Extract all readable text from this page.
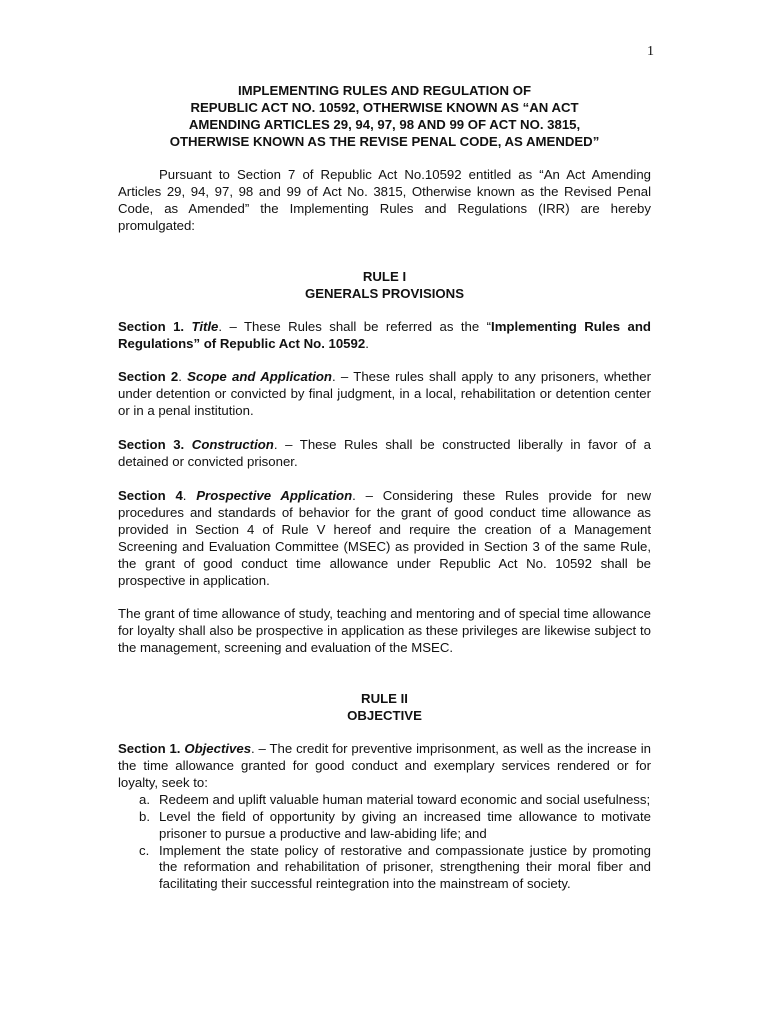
1
IMPLEMENTING RULES AND REGULATION OF
REPUBLIC ACT NO. 10592, OTHERWISE KNOWN AS “AN ACT
AMENDING ARTICLES 29, 94, 97, 98 AND 99 OF ACT NO. 3815,
OTHERWISE KNOWN AS THE REVISE PENAL CODE, AS AMENDED”

Pursuant to Section 7 of Republic Act No.10592 entitled as “An Act Amending Articles 29, 94, 97, 98 and 99 of Act No. 3815, Otherwise known as the Revised Penal Code, as Amended” the Implementing Rules and Regulations (IRR) are hereby promulgated:

RULE I
GENERALS PROVISIONS

Section 1. Title. – These Rules shall be referred as the “Implementing Rules and Regulations” of Republic Act No. 10592.

Section 2. Scope and Application. – These rules shall apply to any prisoners, whether under detention or convicted by final judgment, in a local, rehabilitation or detention center or in a penal institution.

Section 3. Construction. – These Rules shall be constructed liberally in favor of a detained or convicted prisoner.

Section 4. Prospective Application. – Considering these Rules provide for new procedures and standards of behavior for the grant of good conduct time allowance as provided in Section 4 of Rule V hereof and require the creation of a Management Screening and Evaluation Committee (MSEC) as provided in Section 3 of the same Rule, the grant of good conduct time allowance under Republic Act No. 10592 shall be prospective in application.

The grant of time allowance of study, teaching and mentoring and of special time allowance for loyalty shall also be prospective in application as these privileges are likewise subject to the management, screening and evaluation of the MSEC.

RULE II
OBJECTIVE

Section 1. Objectives. – The credit for preventive imprisonment, as well as the increase in the time allowance granted for good conduct and exemplary services rendered or for loyalty, seek to:

a. Redeem and uplift valuable human material toward economic and social usefulness;
b. Level the field of opportunity by giving an increased time allowance to motivate prisoner to pursue a productive and law-abiding life; and
c. Implement the state policy of restorative and compassionate justice by promoting the reformation and rehabilitation of prisoner, strengthening their moral fiber and facilitating their successful reintegration into the mainstream of society.
